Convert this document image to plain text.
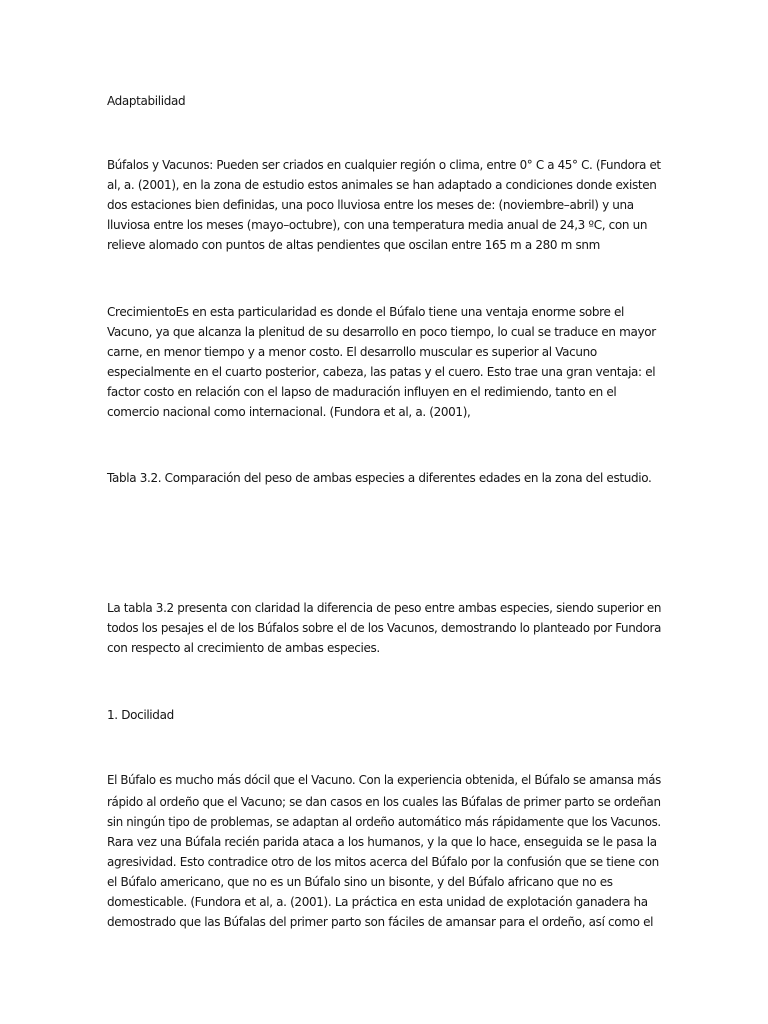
Adaptabilidad
Búfalos y Vacunos: Pueden ser criados en cualquier región o clima, entre 0° C a 45° C. (Fundora et
al, a. (2001), en la zona de estudio estos animales se han adaptado a condiciones donde existen
dos estaciones bien definidas, una poco lluviosa entre los meses de: (noviembre–abril) y una
lluviosa entre los meses (mayo–octubre), con una temperatura media anual de 24,3 ºC, con un
relieve alomado con puntos de altas pendientes que oscilan entre 165 m a 280 m snm
CrecimientoEs en esta particularidad es donde el Búfalo tiene una ventaja enorme sobre el
Vacuno, ya que alcanza la plenitud de su desarrollo en poco tiempo, lo cual se traduce en mayor
carne, en menor tiempo y a menor costo. El desarrollo muscular es superior al Vacuno
especialmente en el cuarto posterior, cabeza, las patas y el cuero. Esto trae una gran ventaja: el
factor costo en relación con el lapso de maduración influyen en el redimiendo, tanto en el
comercio nacional como internacional. (Fundora et al, a. (2001),
Tabla 3.2. Comparación del peso de ambas especies a diferentes edades en la zona del estudio.
La tabla 3.2 presenta con claridad la diferencia de peso entre ambas especies, siendo superior en
todos los pesajes el de los Búfalos sobre el de los Vacunos, demostrando lo planteado por Fundora
con respecto al crecimiento de ambas especies.
1. Docilidad
El Búfalo es mucho más dócil que el Vacuno. Con la experiencia obtenida, el Búfalo se amansa más
rápido al ordeño que el Vacuno; se dan casos en los cuales las Búfalas de primer parto se ordeñan
sin ningún tipo de problemas, se adaptan al ordeño automático más rápidamente que los Vacunos.
Rara vez una Búfala recién parida ataca a los humanos, y la que lo hace, enseguida se le pasa la
agresividad. Esto contradice otro de los mitos acerca del Búfalo por la confusión que se tiene con
el Búfalo americano, que no es un Búfalo sino un bisonte, y del Búfalo africano que no es
domesticable. (Fundora et al, a. (2001). La práctica en esta unidad de explotación ganadera ha
demostrado que las Búfalas del primer parto son fáciles de amansar para el ordeño, así como el
